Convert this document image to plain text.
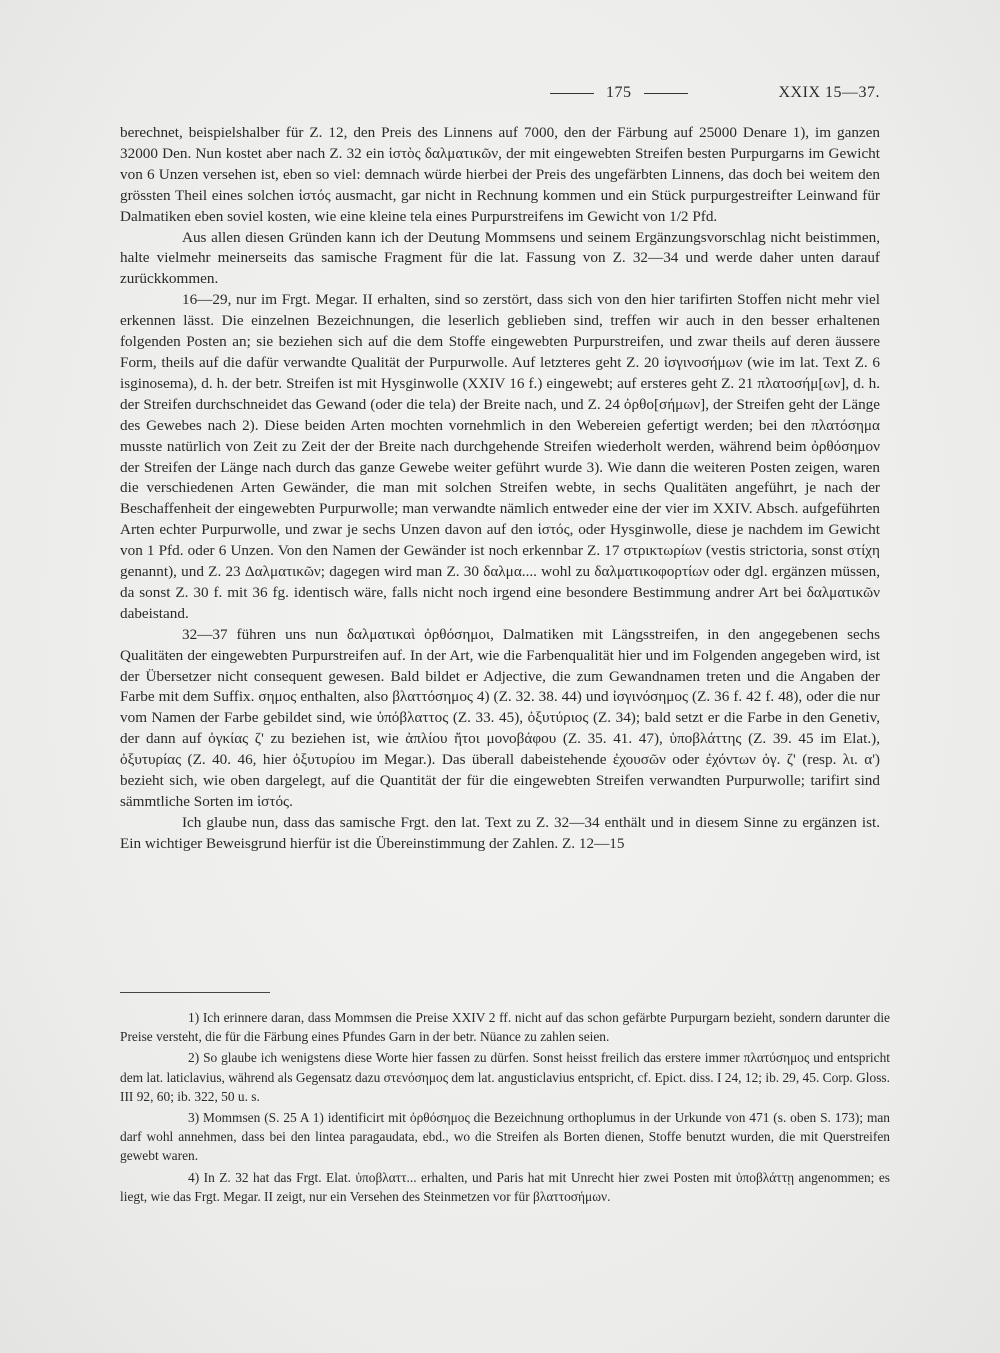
175	XXIX 15—37.

berechnet, beispielshalber für Z. 12, den Preis des Linnens auf 7000, den der Färbung auf 25000 Denare 1), im ganzen 32000 Den. Nun kostet aber nach Z. 32 ein ἱστὸς δαλματικῶν, der mit eingewebten Streifen besten Purpurgarns im Gewicht von 6 Unzen versehen ist, eben so viel: demnach würde hierbei der Preis des ungefärbten Linnens, das doch bei weitem den grössten Theil eines solchen ἱστός ausmacht, gar nicht in Rechnung kommen und ein Stück purpurgestreifter Leinwand für Dalmatiken eben soviel kosten, wie eine kleine tela eines Purpurstreifens im Gewicht von 1/2 Pfd.

Aus allen diesen Gründen kann ich der Deutung Mommsens und seinem Ergänzungsvorschlag nicht beistimmen, halte vielmehr meinerseits das samische Fragment für die lat. Fassung von Z. 32—34 und werde daher unten darauf zurückkommen.

16—29, nur im Frgt. Megar. II erhalten, sind so zerstört, dass sich von den hier tarifirten Stoffen nicht mehr viel erkennen lässt. Die einzelnen Bezeichnungen, die leserlich geblieben sind, treffen wir auch in den besser erhaltenen folgenden Posten an; sie beziehen sich auf die dem Stoffe eingewebten Purpurstreifen, und zwar theils auf deren äussere Form, theils auf die dafür verwandte Qualität der Purpurwolle. Auf letzteres geht Z. 20 ἰσγινοσήμων (wie im lat. Text Z. 6 isginosema), d. h. der betr. Streifen ist mit Hysginwolle (XXIV 16 f.) eingewebt; auf ersteres geht Z. 21 πλατοσήμ[ων], d. h. der Streifen durchschneidet das Gewand (oder die tela) der Breite nach, und Z. 24 ὀρθο[σήμων], der Streifen geht der Länge des Gewebes nach 2). Diese beiden Arten mochten vornehmlich in den Webereien gefertigt werden; bei den πλατόσημα musste natürlich von Zeit zu Zeit der der Breite nach durchgehende Streifen wiederholt werden, während beim ὀρθόσημον der Streifen der Länge nach durch das ganze Gewebe weiter geführt wurde 3). Wie dann die weiteren Posten zeigen, waren die verschiedenen Arten Gewänder, die man mit solchen Streifen webte, in sechs Qualitäten angeführt, je nach der Beschaffenheit der eingewebten Purpurwolle; man verwandte nämlich entweder eine der vier im XXIV. Absch. aufgeführten Arten echter Purpurwolle, und zwar je sechs Unzen davon auf den ἱστός, oder Hysginwolle, diese je nachdem im Gewicht von 1 Pfd. oder 6 Unzen. Von den Namen der Gewänder ist noch erkennbar Z. 17 στρικτωρίων (vestis strictoria, sonst στίχη genannt), und Z. 23 Δαλματικῶν; dagegen wird man Z. 30 δαλμα.... wohl zu δαλματικοφορτίων oder dgl. ergänzen müssen, da sonst Z. 30 f. mit 36 fg. identisch wäre, falls nicht noch irgend eine besondere Bestimmung andrer Art bei δαλματικῶν dabeistand.

32—37 führen uns nun δαλματικαὶ ὀρθόσημοι, Dalmatiken mit Längsstreifen, in den angegebenen sechs Qualitäten der eingewebten Purpurstreifen auf. In der Art, wie die Farbenqualität hier und im Folgenden angegeben wird, ist der Übersetzer nicht consequent gewesen. Bald bildet er Adjective, die zum Gewandnamen treten und die Angaben der Farbe mit dem Suffix. σημος enthalten, also βλαττόσημος 4) (Z. 32. 38. 44) und ἰσγινόσημος (Z. 36 f. 42 f. 48), oder die nur vom Namen der Farbe gebildet sind, wie ὑπόβλαττος (Z. 33. 45), ὀξυτύριος (Z. 34); bald setzt er die Farbe in den Genetiv, der dann auf ὀγκίας ζ' zu beziehen ist, wie ἀπλίου ἤτοι μονοβάφου (Z. 35. 41. 47), ὑποβλάττης (Z. 39. 45 im Elat.), ὀξυτυρίας (Z. 40. 46, hier ὀξυτυρίου im Megar.). Das überall dabeistehende ἐχουσῶν oder ἐχόντων ὀγ. ζ' (resp. λι. α') bezieht sich, wie oben dargelegt, auf die Quantität der für die eingewebten Streifen verwandten Purpurwolle; tarifirt sind sämmtliche Sorten im ἱστός.

Ich glaube nun, dass das samische Frgt. den lat. Text zu Z. 32—34 enthält und in diesem Sinne zu ergänzen ist. Ein wichtiger Beweisgrund hierfür ist die Übereinstimmung der Zahlen. Z. 12—15

1) Ich erinnere daran, dass Mommsen die Preise XXIV 2 ff. nicht auf das schon gefärbte Purpurgarn bezieht, sondern darunter die Preise versteht, die für die Färbung eines Pfundes Garn in der betr. Nüance zu zahlen seien.

2) So glaube ich wenigstens diese Worte hier fassen zu dürfen. Sonst heisst freilich das erstere immer πλατύσημος und entspricht dem lat. laticlavius, während als Gegensatz dazu στενόσημος dem lat. angusticlavius entspricht, cf. Epict. diss. I 24, 12; ib. 29, 45. Corp. Gloss. III 92, 60; ib. 322, 50 u. s.

3) Mommsen (S. 25 A 1) identificirt mit ὀρθόσημος die Bezeichnung orthoplumus in der Urkunde von 471 (s. oben S. 173); man darf wohl annehmen, dass bei den lintea paragaudata, ebd., wo die Streifen als Borten dienen, Stoffe benutzt wurden, die mit Querstreifen gewebt waren.

4) In Z. 32 hat das Frgt. Elat. ὑποβλαττ... erhalten, und Paris hat mit Unrecht hier zwei Posten mit ὑποβλάττῃ angenommen; es liegt, wie das Frgt. Megar. II zeigt, nur ein Versehen des Steinmetzen vor für βλαττοσήμων.
